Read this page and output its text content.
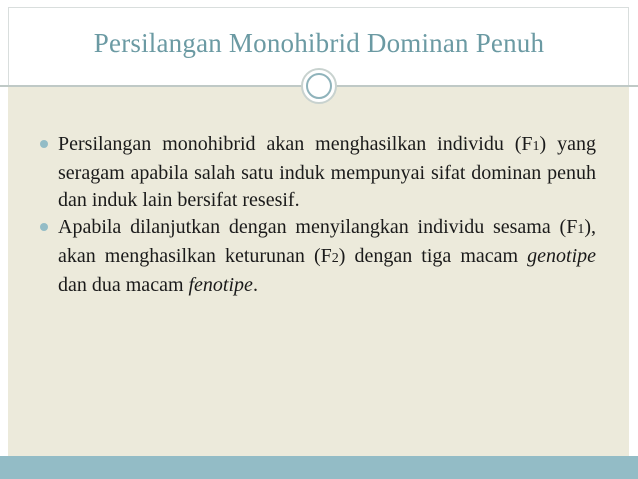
Persilangan Monohibrid Dominan Penuh
Persilangan monohibrid akan menghasilkan individu (F1) yang seragam apabila salah satu induk mempunyai sifat dominan penuh dan induk lain bersifat resesif.
Apabila dilanjutkan dengan menyilangkan individu sesama (F1), akan menghasilkan keturunan (F2) dengan tiga macam genotipe dan dua macam fenotipe.
